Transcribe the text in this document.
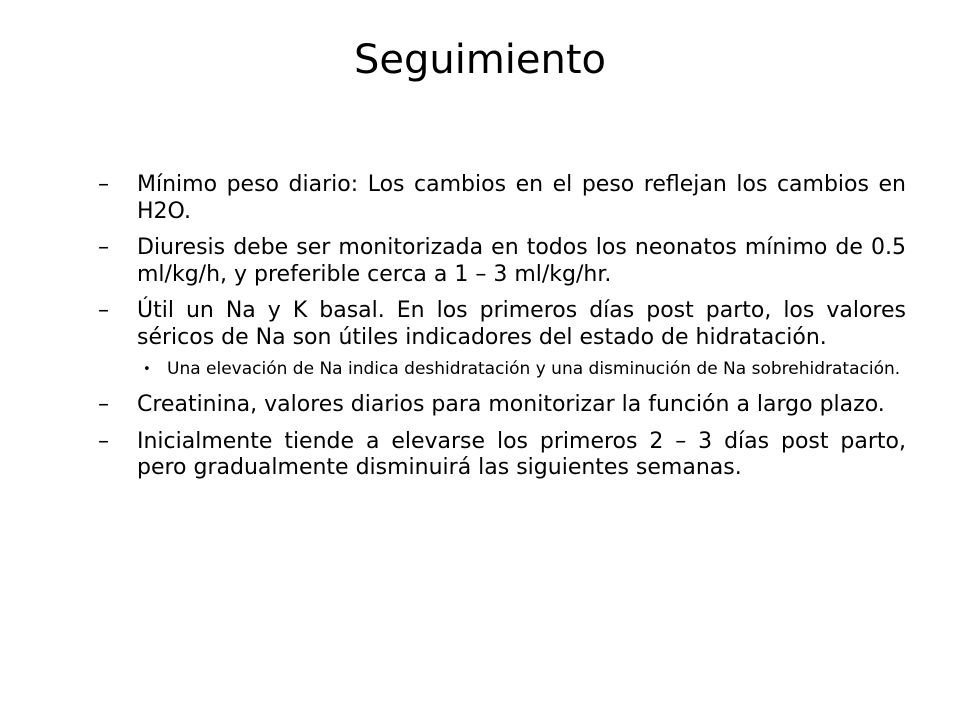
Seguimiento
– Mínimo peso diario: Los cambios en el peso reflejan los cambios en H2O.
– Diuresis debe ser monitorizada en todos los neonatos mínimo de 0.5 ml/kg/h, y preferible cerca a 1 – 3 ml/kg/hr.
– Útil un Na y K basal. En los primeros días post parto, los valores séricos de Na son útiles indicadores del estado de hidratación.
• Una elevación de Na indica deshidratación y una disminución de Na sobrehidratación.
– Creatinina, valores diarios para monitorizar la función a largo plazo.
– Inicialmente tiende a elevarse los primeros 2 – 3 días post parto, pero gradualmente disminuirá las siguientes semanas.
